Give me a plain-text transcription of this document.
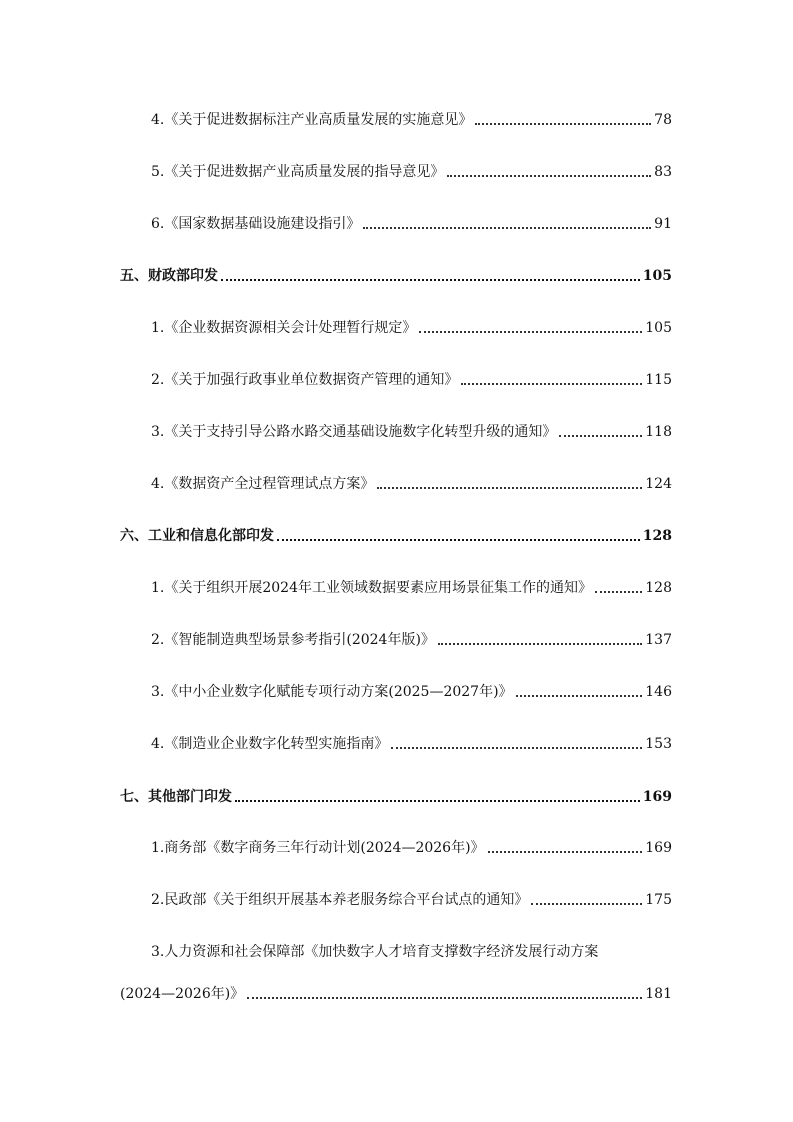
4.《关于促进数据标注产业高质量发展的实施意见》	78
5.《关于促进数据产业高质量发展的指导意见》	83
6.《国家数据基础设施建设指引》	91
五、财政部印发	105
1.《企业数据资源相关会计处理暂行规定》	105
2.《关于加强行政事业单位数据资产管理的通知》	115
3.《关于支持引导公路水路交通基础设施数字化转型升级的通知》	118
4.《数据资产全过程管理试点方案》	124
六、工业和信息化部印发	128
1.《关于组织开展2024年工业领域数据要素应用场景征集工作的通知》	128
2.《智能制造典型场景参考指引(2024年版)》	137
3.《中小企业数字化赋能专项行动方案(2025—2027年)》	146
4.《制造业企业数字化转型实施指南》	153
七、其他部门印发	169
1.商务部《数字商务三年行动计划(2024—2026年)》	169
2.民政部《关于组织开展基本养老服务综合平台试点的通知》	175
3.人力资源和社会保障部《加快数字人才培育支撑数字经济发展行动方案
(2024—2026年)》	181
